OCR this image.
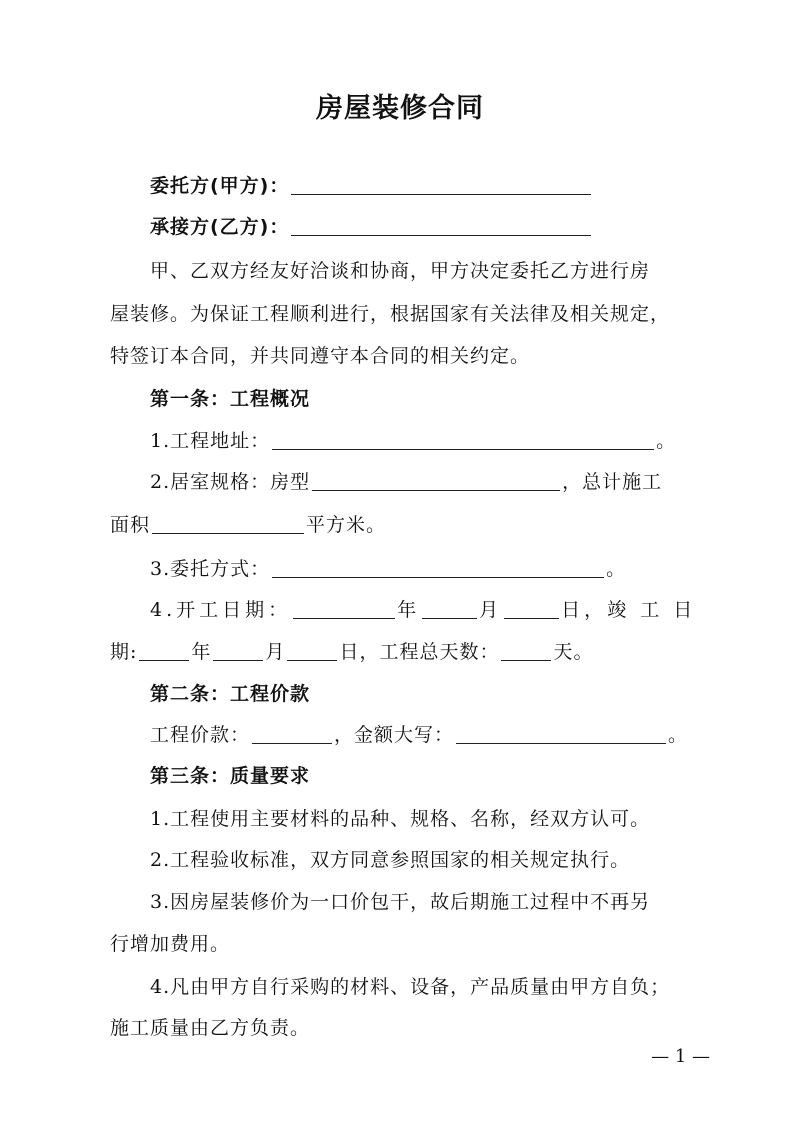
房屋装修合同
委托方(甲方)：
承接方(乙方)：
甲、乙双方经友好洽谈和协商，甲方决定委托乙方进行房
屋装修。为保证工程顺利进行，根据国家有关法律及相关规定，
特签订本合同，并共同遵守本合同的相关约定。
第一条：工程概况
1.工程地址：	。
2.居室规格：房型	，总计施工
面积	平方米。
3.委托方式：	。
4.开工日期：	年	月	日，竣工日
期:	年	月	日，工程总天数：	天。
第二条：工程价款
工程价款：	，金额大写：	。
第三条：质量要求
1.工程使用主要材料的品种、规格、名称，经双方认可。
2.工程验收标准，双方同意参照国家的相关规定执行。
3.因房屋装修价为一口价包干，故后期施工过程中不再另
行增加费用。
4.凡由甲方自行采购的材料、设备，产品质量由甲方自负；
施工质量由乙方负责。
— 1 —
